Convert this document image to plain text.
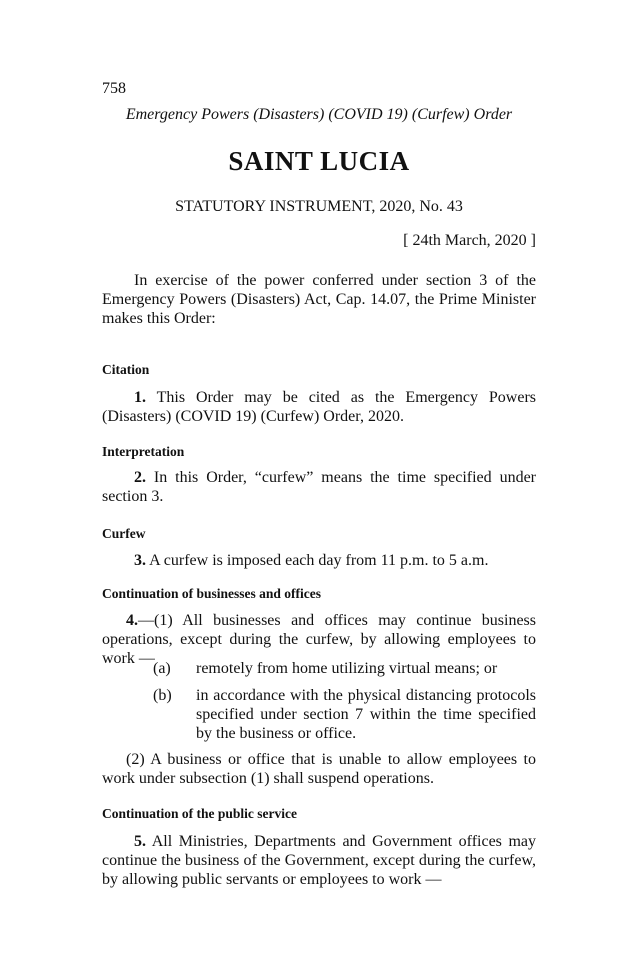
758
Emergency Powers (Disasters) (COVID 19) (Curfew) Order
SAINT LUCIA
STATUTORY INSTRUMENT, 2020, No. 43
[ 24th March, 2020 ]
In exercise of the power conferred under section 3 of the Emergency Powers (Disasters) Act, Cap. 14.07, the Prime Minister makes this Order:
Citation
1. This Order may be cited as the Emergency Powers (Disasters) (COVID 19) (Curfew) Order, 2020.
Interpretation
2. In this Order, “curfew” means the time specified under section 3.
Curfew
3. A curfew is imposed each day from 11 p.m. to 5 a.m.
Continuation of businesses and offices
4.—(1) All businesses and offices may continue business operations, except during the curfew, by allowing employees to work —
(a) remotely from home utilizing virtual means; or
(b) in accordance with the physical distancing protocols specified under section 7 within the time specified by the business or office.
(2) A business or office that is unable to allow employees to work under subsection (1) shall suspend operations.
Continuation of the public service
5. All Ministries, Departments and Government offices may continue the business of the Government, except during the curfew, by allowing public servants or employees to work —
